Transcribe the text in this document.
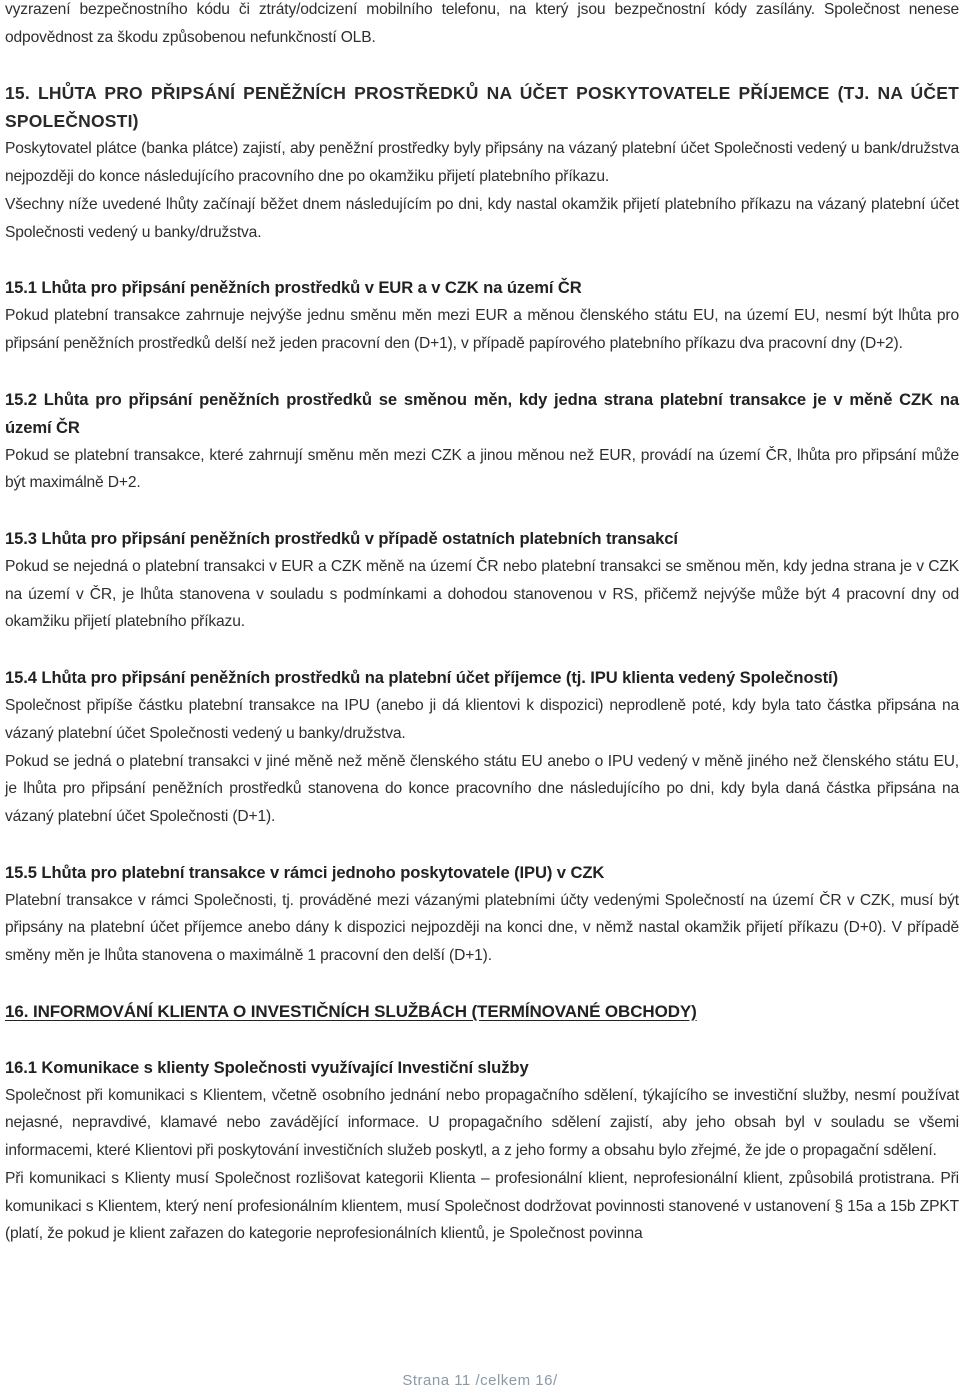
vyzrazení bezpečnostního kódu či ztráty/odcizení mobilního telefonu, na který jsou bezpečnostní kódy zasílány. Společnost nenese odpovědnost za škodu způsobenou nefunkčností OLB.

15. LHŮTA PRO PŘIPSÁNÍ PENĚŽNÍCH PROSTŘEDKŮ NA ÚČET POSKYTOVATELE PŘÍJEMCE (TJ. NA ÚČET SPOLEČNOSTI)

Poskytovatel plátce (banka plátce) zajistí, aby peněžní prostředky byly připsány na vázaný platební účet Společnosti vedený u bank/družstva nejpozději do konce následujícího pracovního dne po okamžiku přijetí platebního příkazu.

Všechny níže uvedené lhůty začínají běžet dnem následujícím po dni, kdy nastal okamžik přijetí platebního příkazu na vázaný platební účet Společnosti vedený u banky/družstva.

15.1 Lhůta pro připsání peněžních prostředků v EUR a v CZK na území ČR

Pokud platební transakce zahrnuje nejvýše jednu směnu měn mezi EUR a měnou členského státu EU, na území EU, nesmí být lhůta pro připsání peněžních prostředků delší než jeden pracovní den (D+1), v případě papírového platebního příkazu dva pracovní dny (D+2).

15.2 Lhůta pro připsání peněžních prostředků se směnou měn, kdy jedna strana platební transakce je v měně CZK na území ČR

Pokud se platební transakce, které zahrnují směnu měn mezi CZK a jinou měnou než EUR, provádí na území ČR, lhůta pro připsání může být maximálně D+2.

15.3 Lhůta pro připsání peněžních prostředků v případě ostatních platebních transakcí

Pokud se nejedná o platební transakci v EUR a CZK měně na území ČR nebo platební transakci se směnou měn, kdy jedna strana je v CZK na území v ČR, je lhůta stanovena v souladu s podmínkami a dohodou stanovenou v RS, přičemž nejvýše může být 4 pracovní dny od okamžiku přijetí platebního příkazu.

15.4 Lhůta pro připsání peněžních prostředků na platební účet příjemce (tj. IPU klienta vedený Společností)

Společnost připíše částku platební transakce na IPU (anebo ji dá klientovi k dispozici) neprodleně poté, kdy byla tato částka připsána na vázaný platební účet Společnosti vedený u banky/družstva.

Pokud se jedná o platební transakci v jiné měně než měně členského státu EU anebo o IPU vedený v měně jiného než členského státu EU, je lhůta pro připsání peněžních prostředků stanovena do konce pracovního dne následujícího po dni, kdy byla daná částka připsána na vázaný platební účet Společnosti (D+1).

15.5 Lhůta pro platební transakce v rámci jednoho poskytovatele (IPU) v CZK

Platební transakce v rámci Společnosti, tj. prováděné mezi vázanými platebními účty vedenými Společností na území ČR v CZK, musí být připsány na platební účet příjemce anebo dány k dispozici nejpozději na konci dne, v němž nastal okamžik přijetí příkazu (D+0). V případě směny měn je lhůta stanovena o maximálně 1 pracovní den delší (D+1).

16. INFORMOVÁNÍ KLIENTA O INVESTIČNÍCH SLUŽBÁCH (TERMÍNOVANÉ OBCHODY)
16.1 Komunikace s klienty Společnosti využívající Investiční služby

Společnost při komunikaci s Klientem, včetně osobního jednání nebo propagačního sdělení, týkajícího se investiční služby, nesmí používat nejasné, nepravdivé, klamavé nebo zavádějící informace. U propagačního sdělení zajistí, aby jeho obsah byl v souladu se všemi informacemi, které Klientovi při poskytování investičních služeb poskytl, a z jeho formy a obsahu bylo zřejmé, že jde o propagační sdělení.

Při komunikaci s Klienty musí Společnost rozlišovat kategorii Klienta – profesionální klient, neprofesionální klient, způsobilá protistrana. Při komunikaci s Klientem, který není profesionálním klientem, musí Společnost dodržovat povinnosti stanovené v ustanovení § 15a a 15b ZPKT (platí, že pokud je klient zařazen do kategorie neprofesionálních klientů, je Společnost povinna

Strana 11 /celkem 16/
